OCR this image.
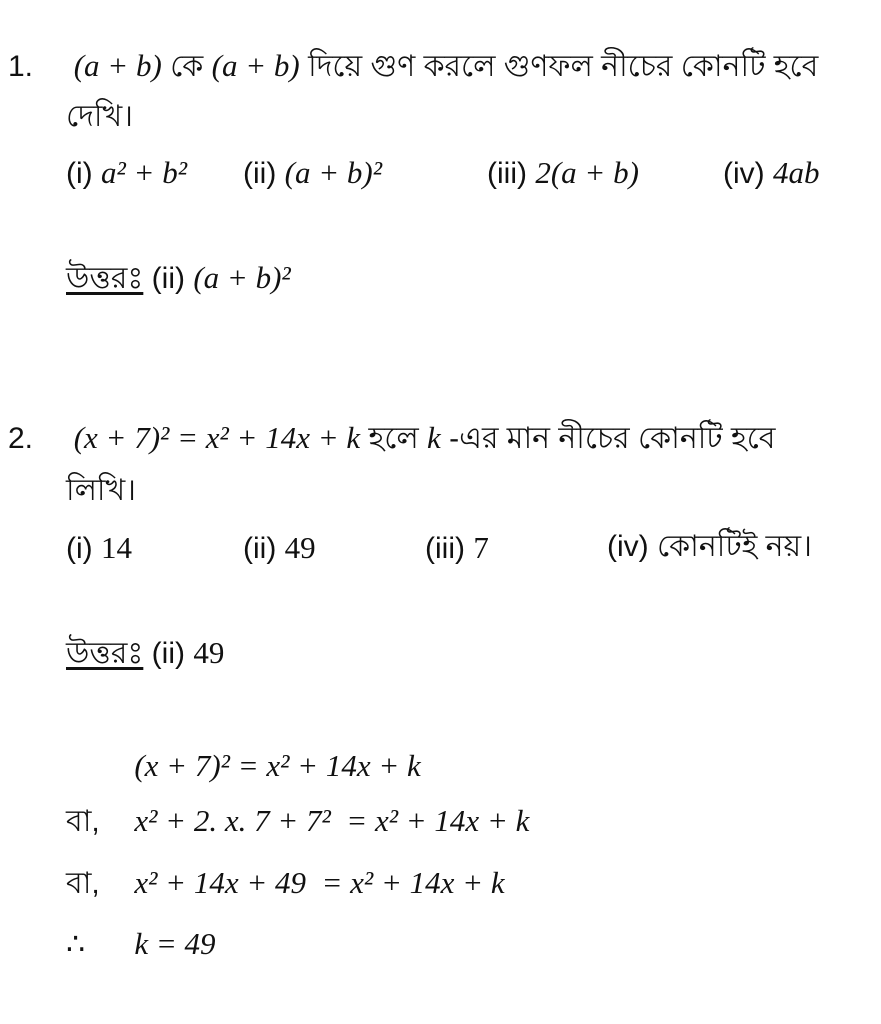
1. (a + b) কে (a + b) দিয়ে গুণ করলে গুণফল নীচের কোনটি হবে
দেখি।
(i) a² + b² (ii) (a + b)²	(iii) 2(a + b)	(iv) 4ab
উত্তরঃ (ii) (a + b)²
2. (x + 7)² = x² + 14x + k হলে k -এর মান নীচের কোনটি হবে
লিখি।
(i) 14	(ii) 49	(iii) 7	(iv) কোনটিই নয়।
উত্তরঃ (ii) 49
(x + 7)² = x² + 14x + k
বা, x² + 2. x. 7 + 7²  = x² + 14x + k
বা, x² + 14x + 49  = x² + 14x + k
∴ k = 49
